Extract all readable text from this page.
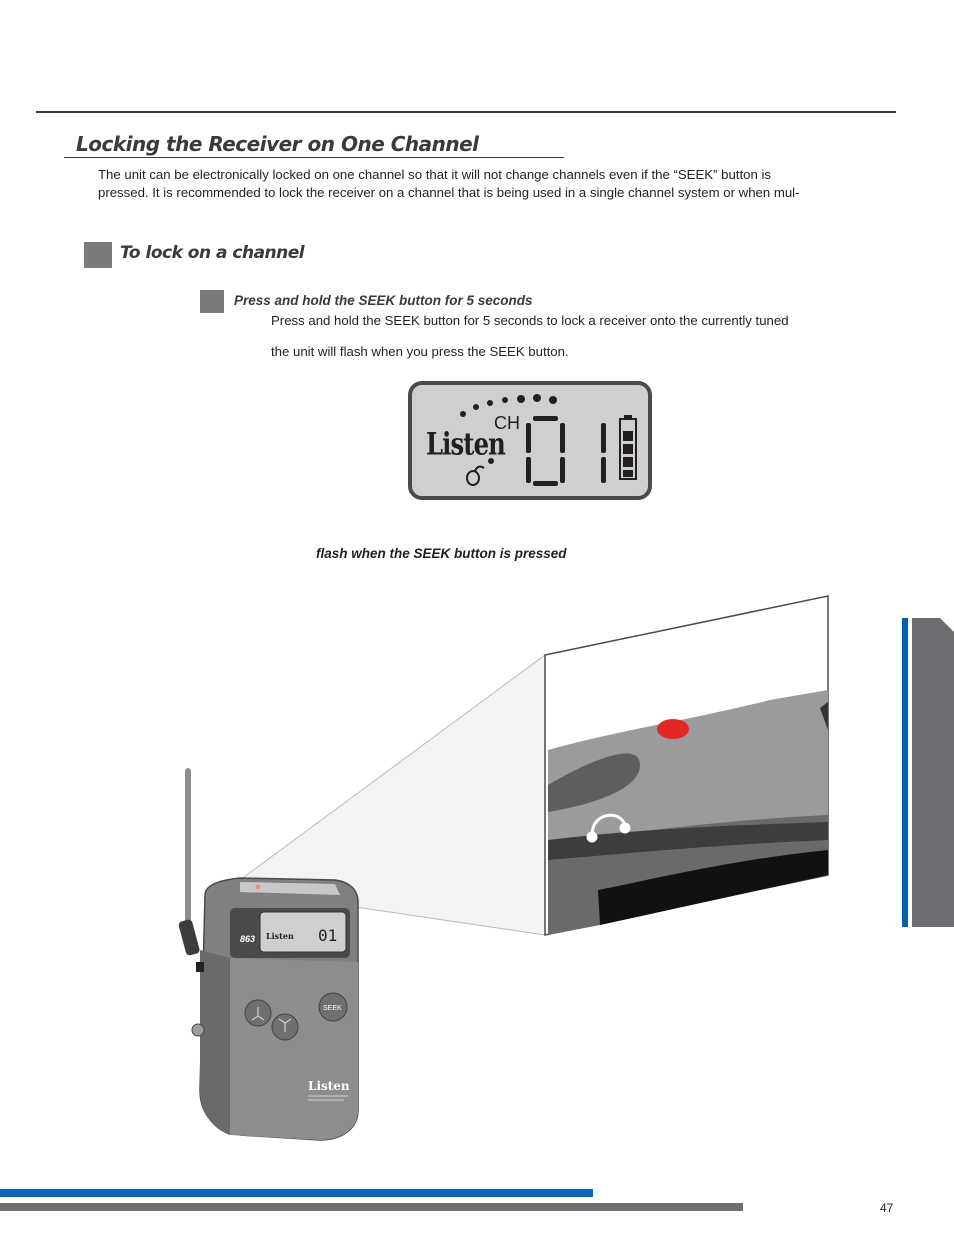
Locking the Receiver on One Channel
The unit can be electronically locked on one channel so that it will not change channels even if the “SEEK” button is
pressed. It is recommended to lock the receiver on a channel that is being used in a single channel system or when mul-
To lock on a channel
Press and hold the SEEK button for 5 seconds
Press and hold the SEEK button for 5 seconds to lock a receiver onto the currently tuned
the unit will flash when you press the SEEK button.
Listen
CH
flash when the SEEK button is pressed
863 Listen 01
SEEK
Listen
47
